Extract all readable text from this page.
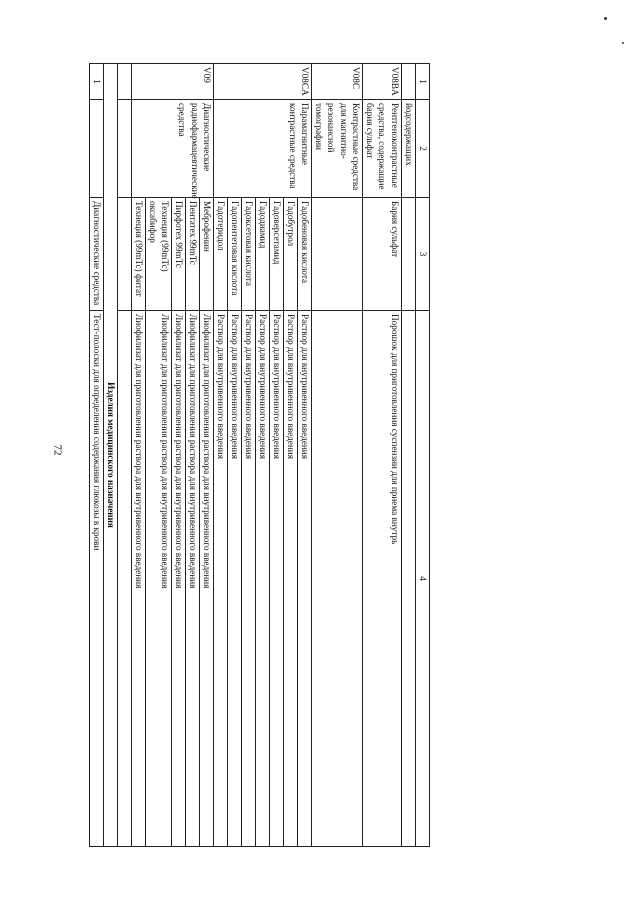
72
1	2	3	4
	йодсодержащих		
V08BA	Рентгеноконтрастные средства, содержащие бария сульфат	Бария сульфат	Порошок для приготовления суспензии для приема внутрь
V08C	Контрастные средства для магнитно-резонансной томографии		
V08CA	Парамагнитные контрастные средства	Гадобеновая кислота	Раствор для внутривенного введения
		Гадобутрол	Раствор для внутривенного введения
		Гадоверсетамид	Раствор для внутривенного введения
		Гадодиамид	Раствор для внутривенного введения
		Гадоксетовая кислота	Раствор для внутривенного введения
		Гадопентетовая кислота	Раствор для внутривенного введения
		Гадотеридол	Раствор для внутривенного введения
V09	Диагностические радиофармацевтические средства	Меброфенин	Лиофилизат для приготовления раствора для внутривенного введения
		Пентатех 99mTc	Лиофилизат для приготовления раствора для внутривенного введения
		Пирфотех 99mTc	Лиофилизат для приготовления раствора для внутривенного введения
		Технеция (99mTc) оксабифор	Лиофилизат для приготовления раствора для внутривенного введения
		Технеция (99mTc) фитат	Лиофилизат для приготовления раствора для внутривенного введения

Изделия медицинского назначения			
1		Диагностические средства	Тест-полоски для определения содержания глюкозы в крови
